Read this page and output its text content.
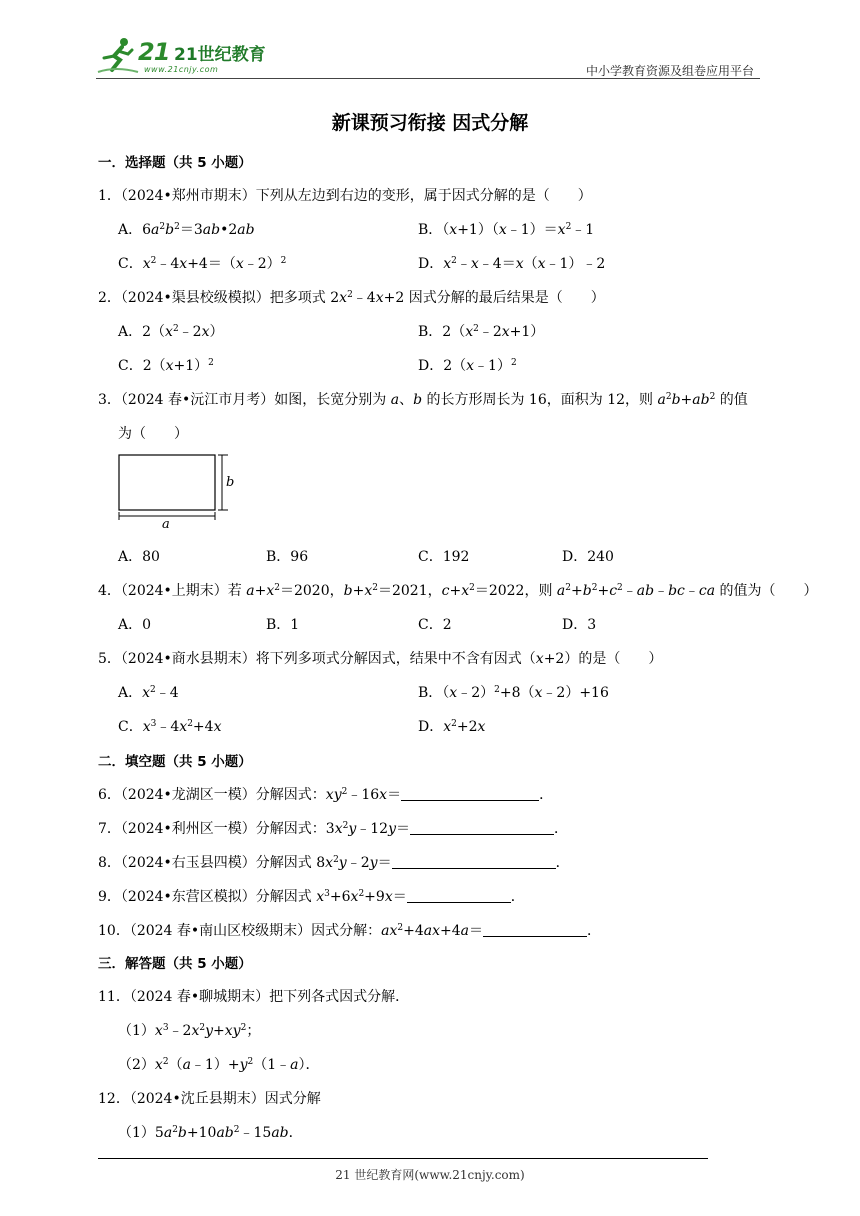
21 21世纪教育
www.21cnjy.com	中小学教育资源及组卷应用平台
新课预习衔接 因式分解
一．选择题（共 5 小题）
1．（2024•郑州市期末）下列从左边到右边的变形，属于因式分解的是（　　）
A．$6a^2b^2=3ab•2ab$	B．$(x+1)(x﹣1)=x^2﹣1$
C．$x^2﹣4x+4=(x﹣2)^2$	D．$x^2﹣x﹣4=x(x﹣1)﹣2$
2．（2024•渠县校级模拟）把多项式 $2x^2﹣4x+2$ 因式分解的最后结果是（　　）
A．$2(x^2﹣2x)$	B．$2(x^2﹣2x+1)$
C．$2(x+1)^2$	D．2（x﹣1）$^2$
3．（2024 春•沅江市月考）如图，长宽分别为 a、b 的长方形周长为 16，面积为 12，则 $a^2b+ab^2$ 的值
为（　　）
b
a
A．80	B．96	C．192	D．240
4．（2024•上期末）若 $a+x^2=2020$，$b+x^2=2021$，$c+x^2=2022$，则 $a^2+b^2+c^2﹣ab﹣bc﹣ca$ 的值为（　　）
A．0	B．1	C．2	D．3
5．（2024•商水县期末）将下列多项式分解因式，结果中不含有因式（x+2）的是（　　）
A．$x^2﹣4$	B．（x﹣2）$^2$+8（x﹣2）+16
C．$x^3﹣4x^2+4x$	D．$x^2+2x$
二．填空题（共 5 小题）
6．（2024•龙湖区一模）分解因式：$xy^2﹣16x=$	．
7．（2024•利州区一模）分解因式：$3x^2y﹣12y=$	．
8．（2024•右玉县四模）分解因式 $8x^2y﹣2y=$	．
9．（2024•东营区模拟）分解因式 $x^3+6x^2+9x=$	．
10．（2024 春•南山区校级期末）因式分解：$ax^2+4ax+4a=$	．
三．解答题（共 5 小题）
11．（2024 春•聊城期末）把下列各式因式分解．
$(1)x^3﹣2x^2y+xy^2$；
$(2)x^2(a﹣1)+y^2(1﹣a)$．
12．（2024•沈丘县期末）因式分解
$(1)5a^2b+10ab^2﹣15ab$．
21 世纪教育网(www.21cnjy.com)
